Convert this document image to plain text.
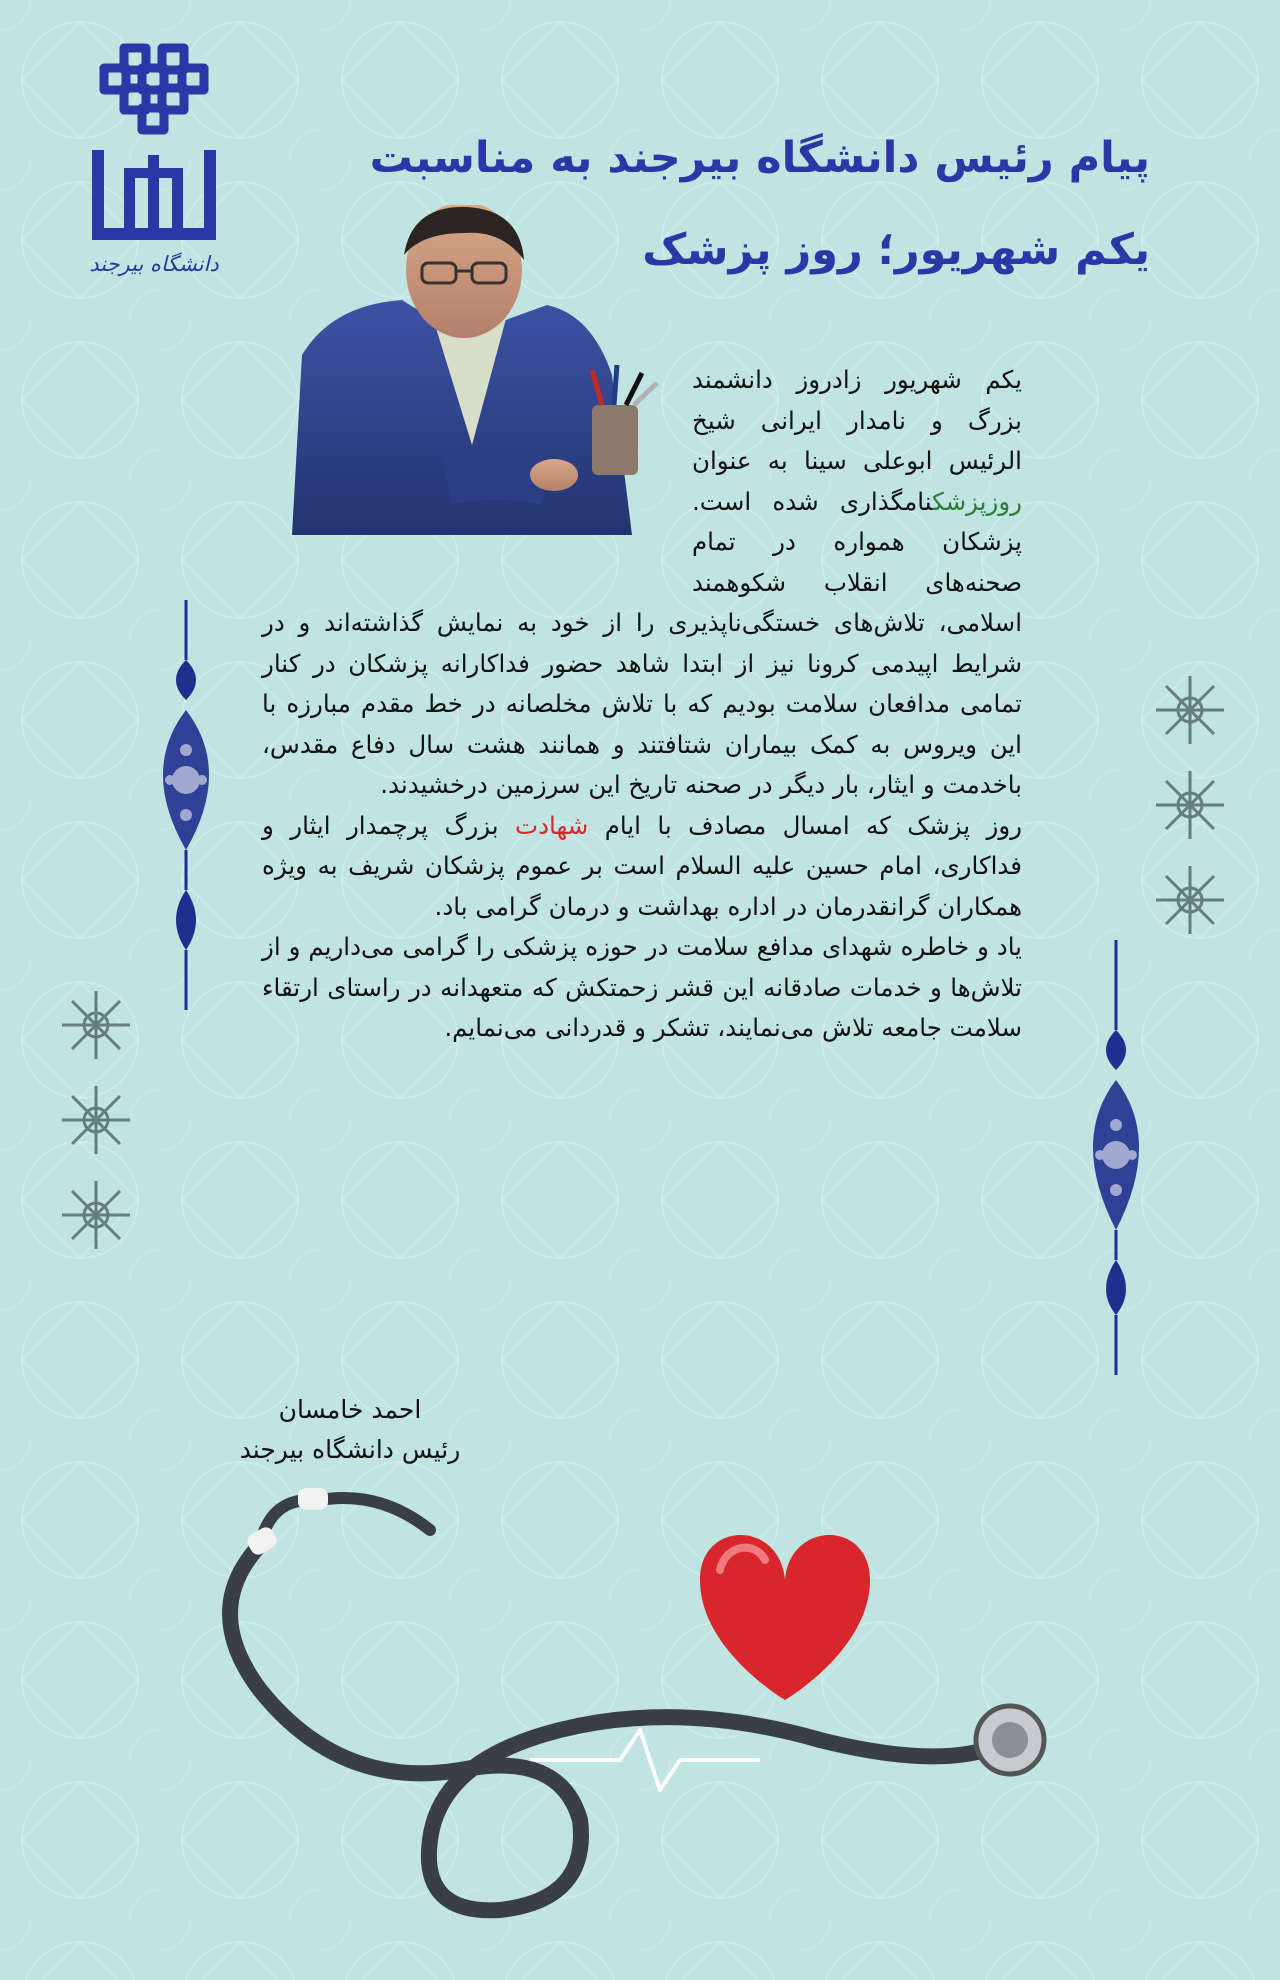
دانشگاه بیرجند
پیام رئیس دانشگاه بیرجند به مناسبت
یکم شهریور؛ روز پزشک

یکم شهریور زادروز دانشمند بزرگ و نامدار ایرانی شیخ الرئیس ابوعلی سینا به عنوان روزپزشکنامگذاری شده است. پزشکان همواره در تمام صحنه‌های انقلاب شکوهمند اسلامی، تلاش‌های خستگی‌ناپذیری را از خود به نمایش گذاشته‌اند و در شرایط اپیدمی کرونا نیز از ابتدا شاهد حضور فداکارانه پزشکان در کنار تمامی مدافعان سلامت بودیم که با تلاش مخلصانه در خط مقدم مبارزه با این ویروس به کمک بیماران شتافتند و همانند هشت سال دفاع مقدس، باخدمت و ایثار، بار دیگر در صحنه تاریخ این سرزمین درخشیدند.

روز پزشک که امسال مصادف با ایام شهادت بزرگ پرچمدار ایثار و فداکاری، امام حسین علیه السلام است بر عموم پزشکان شریف به ویژه همکاران گرانقدرمان در اداره بهداشت و درمان گرامی باد.

یاد و خاطره شهدای مدافع سلامت در حوزه پزشکی را گرامی می‌داریم و از تلاش‌ها و خدمات صادقانه این قشر زحمتکش که متعهدانه در راستای ارتقاء سلامت جامعه تلاش می‌نمایند، تشکر و قدردانی می‌نمایم.

احمد خامسان
رئیس دانشگاه بیرجند
